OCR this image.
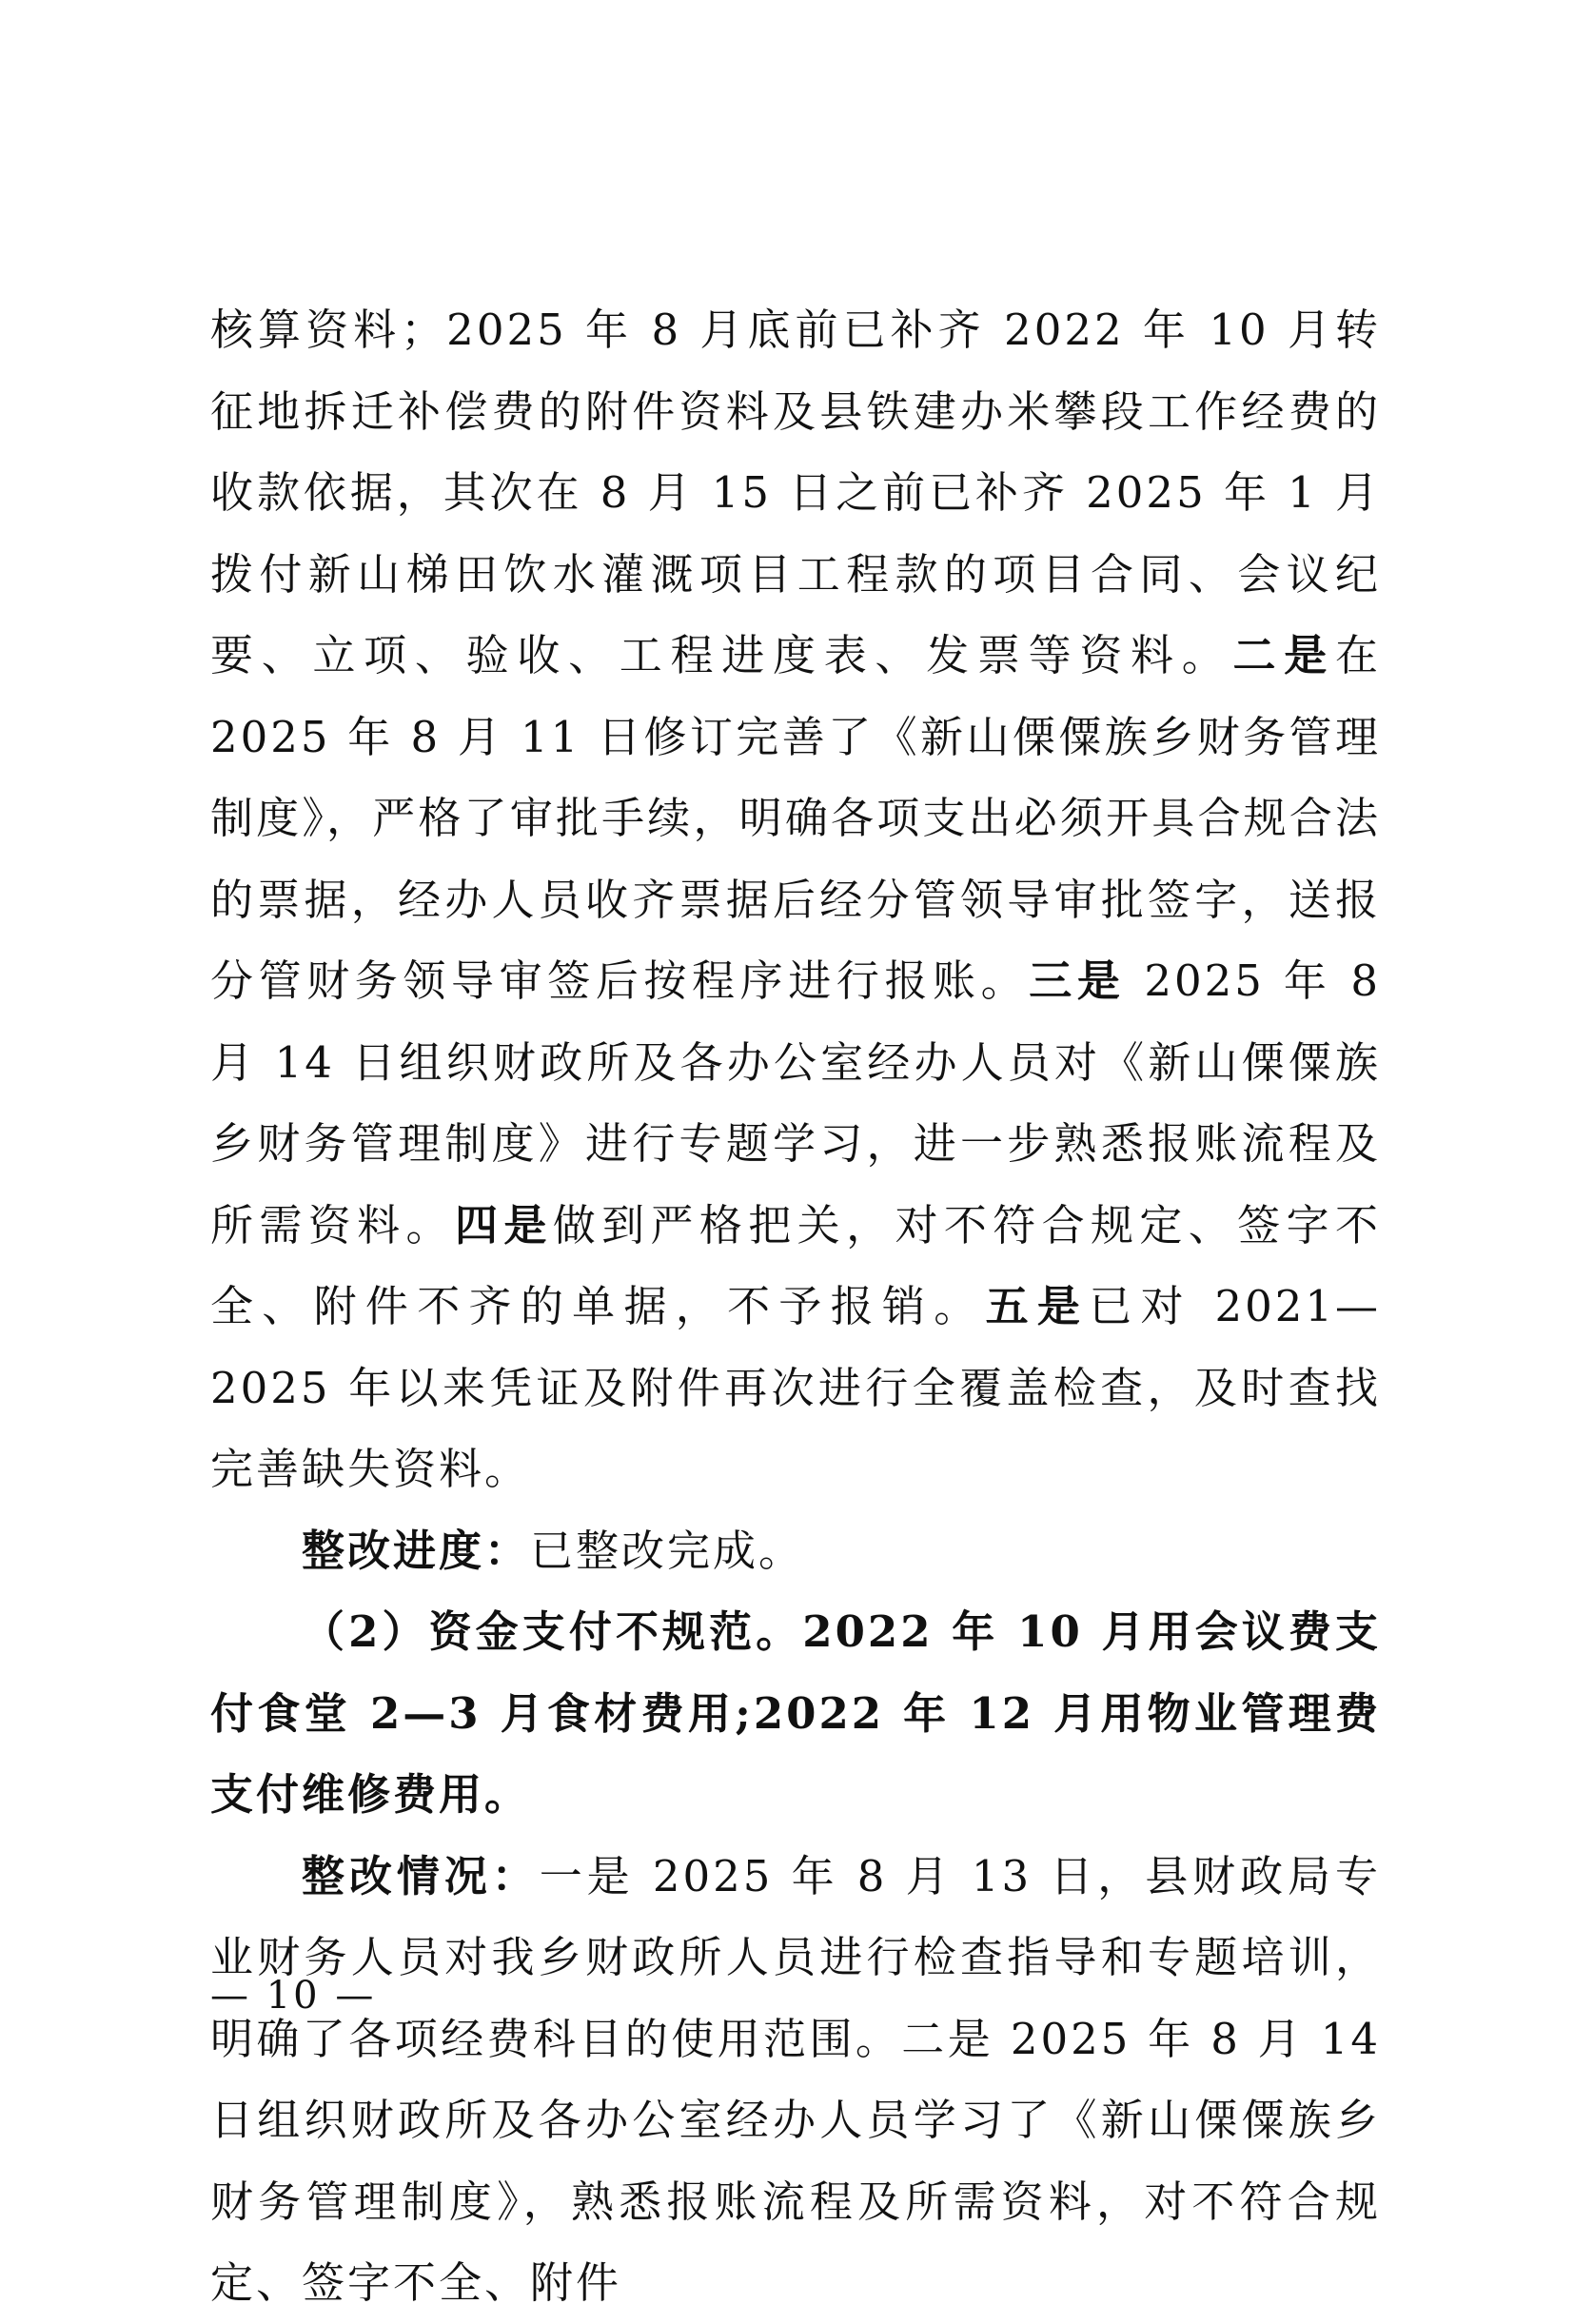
核算资料；2025 年 8 月底前已补齐 2022 年 10 月转征地拆迁补偿费的附件资料及县铁建办米攀段工作经费的收款依据，其次在 8 月 15 日之前已补齐 2025 年 1 月拨付新山梯田饮水灌溉项目工程款的项目合同、会议纪要、立项、验收、工程进度表、发票等资料。二是在 2025 年 8 月 11 日修订完善了《新山傈僳族乡财务管理制度》，严格了审批手续，明确各项支出必须开具合规合法的票据，经办人员收齐票据后经分管领导审批签字，送报分管财务领导审签后按程序进行报账。三是 2025 年 8 月 14 日组织财政所及各办公室经办人员对《新山傈僳族乡财务管理制度》进行专题学习，进一步熟悉报账流程及所需资料。四是做到严格把关，对不符合规定、签字不全、附件不齐的单据，不予报销。五是已对 2021—2025 年以来凭证及附件再次进行全覆盖检查，及时查找完善缺失资料。

整改进度：已整改完成。

（2）资金支付不规范。2022 年 10 月用会议费支付食堂 2—3 月食材费用;2022 年 12 月用物业管理费支付维修费用。

整改情况：一是 2025 年 8 月 13 日，县财政局专业财务人员对我乡财政所人员进行检查指导和专题培训，明确了各项经费科目的使用范围。二是 2025 年 8 月 14 日组织财政所及各办公室经办人员学习了《新山傈僳族乡财务管理制度》，熟悉报账流程及所需资料，对不符合规定、签字不全、附件

— 10 —
